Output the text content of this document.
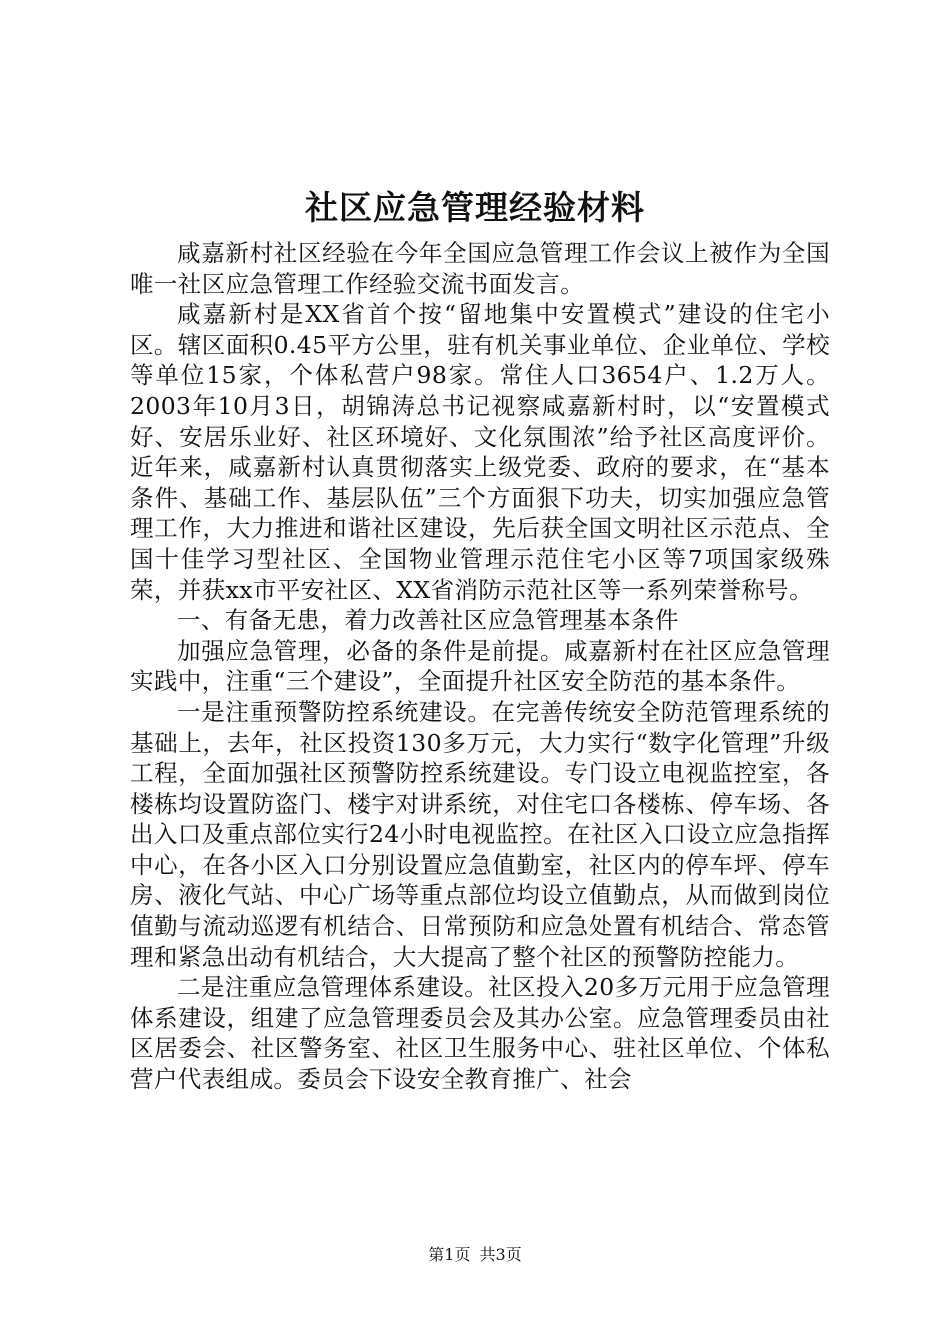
社区应急管理经验材料

咸嘉新村社区经验在今年全国应急管理工作会议上被作为全国唯一社区应急管理工作经验交流书面发言。

咸嘉新村是XX省首个按“留地集中安置模式”建设的住宅小区。辖区面积0.45平方公里，驻有机关事业单位、企业单位、学校等单位15家，个体私营户98家。常住人口3654户、1.2万人。2003年10月3日，胡锦涛总书记视察咸嘉新村时，以“安置模式好、安居乐业好、社区环境好、文化氛围浓”给予社区高度评价。近年来，咸嘉新村认真贯彻落实上级党委、政府的要求，在“基本条件、基础工作、基层队伍”三个方面狠下功夫，切实加强应急管理工作，大力推进和谐社区建设，先后获全国文明社区示范点、全国十佳学习型社区、全国物业管理示范住宅小区等7项国家级殊荣，并获xx市平安社区、XX省消防示范社区等一系列荣誉称号。

一、有备无患，着力改善社区应急管理基本条件

加强应急管理，必备的条件是前提。咸嘉新村在社区应急管理实践中，注重“三个建设”，全面提升社区安全防范的基本条件。

一是注重预警防控系统建设。在完善传统安全防范管理系统的基础上，去年，社区投资130多万元，大力实行“数字化管理”升级工程，全面加强社区预警防控系统建设。专门设立电视监控室，各楼栋均设置防盗门、楼宇对讲系统，对住宅口各楼栋、停车场、各出入口及重点部位实行24小时电视监控。在社区入口设立应急指挥中心，在各小区入口分别设置应急值勤室，社区内的停车坪、停车房、液化气站、中心广场等重点部位均设立值勤点，从而做到岗位值勤与流动巡逻有机结合、日常预防和应急处置有机结合、常态管理和紧急出动有机结合，大大提高了整个社区的预警防控能力。

二是注重应急管理体系建设。社区投入20多万元用于应急管理体系建设，组建了应急管理委员会及其办公室。应急管理委员由社区居委会、社区警务室、社区卫生服务中心、驻社区单位、个体私营户代表组成。委员会下设安全教育推广、社会

第1页 共3页
